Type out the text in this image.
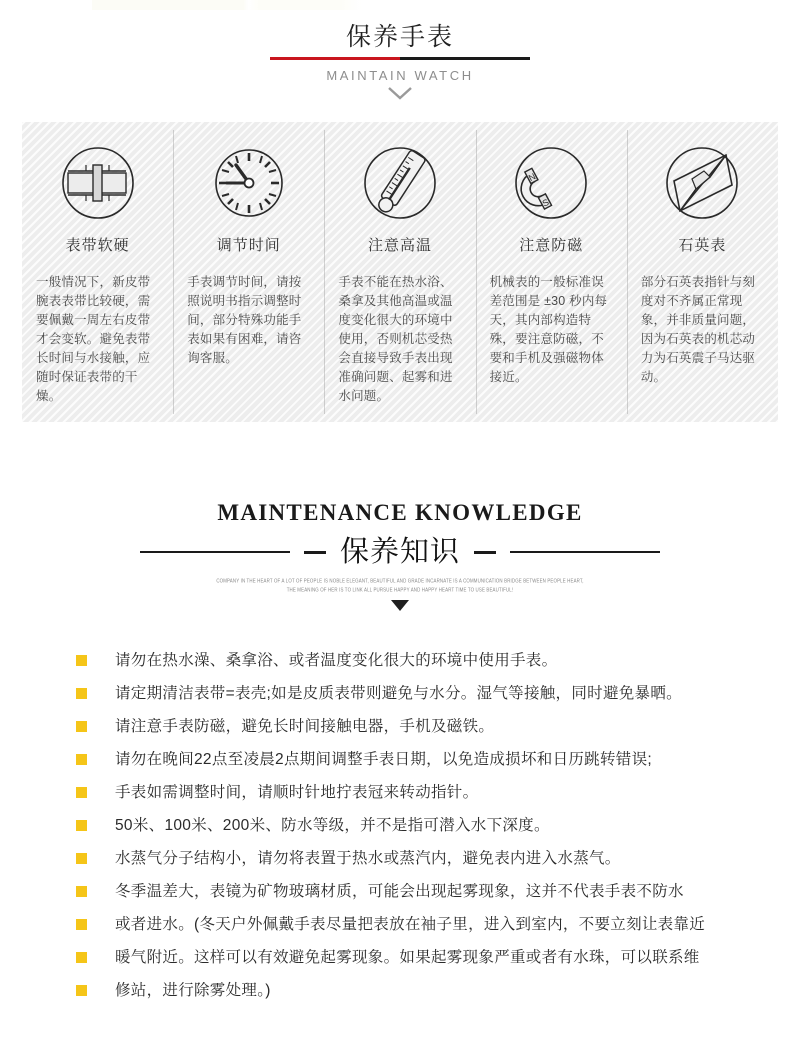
保养手表
MAINTAIN WATCH
表带软硬
一般情况下，新皮带腕表表带比较硬，需要佩戴一周左右皮带才会变软。避免表带长时间与水接触，应随时保证表带的干燥。
调节时间
手表调节时间，请按照说明书指示调整时间，部分特殊功能手表如果有困难，请咨询客服。
注意高温
手表不能在热水浴、桑拿及其他高温或温度变化很大的环境中使用，否则机芯受热会直接导致手表出现准确问题、起雾和进水问题。
N
S
注意防磁
机械表的一般标准误差范围是 ±30 秒内每天，其内部构造特殊，要注意防磁，不要和手机及强磁物体接近。
石英表
部分石英表指针与刻度对不齐属正常现象，并非质量问题，因为石英表的机芯动力为石英震子马达驱动。
MAINTENANCE KNOWLEDGE
保养知识
COMPANY IN THE HEART OF A LOT OF PEOPLE IS NOBLE ELEGANT, BEAUTIFUL AND GRADE INCARNATE IS A COMMUNICATION BRIDGE BETWEEN PEOPLE HEART,
THE MEANING OF HER IS TO LINK ALL PURSUE HAPPY AND HAPPY HEART TIME TO USE BEAUTIFUL!
请勿在热水澡、桑拿浴、或者温度变化很大的环境中使用手表。
请定期清洁表带=表壳;如是皮质表带则避免与水分。湿气等接触，同时避免暴晒。
请注意手表防磁，避免长时间接触电器，手机及磁铁。
请勿在晚间22点至凌晨2点期间调整手表日期，以免造成损坏和日历跳转错误;
手表如需调整时间，请顺时针地拧表冠来转动指针。
50米、100米、200米、防水等级，并不是指可潜入水下深度。
水蒸气分子结构小，请勿将表置于热水或蒸汽内，避免表内进入水蒸气。
冬季温差大，表镜为矿物玻璃材质，可能会出现起雾现象，这并不代表手表不防水
或者进水。(冬天户外佩戴手表尽量把表放在袖子里，进入到室内，不要立刻让表靠近
暖气附近。这样可以有效避免起雾现象。如果起雾现象严重或者有水珠，可以联系维
修站，进行除雾处理。)
